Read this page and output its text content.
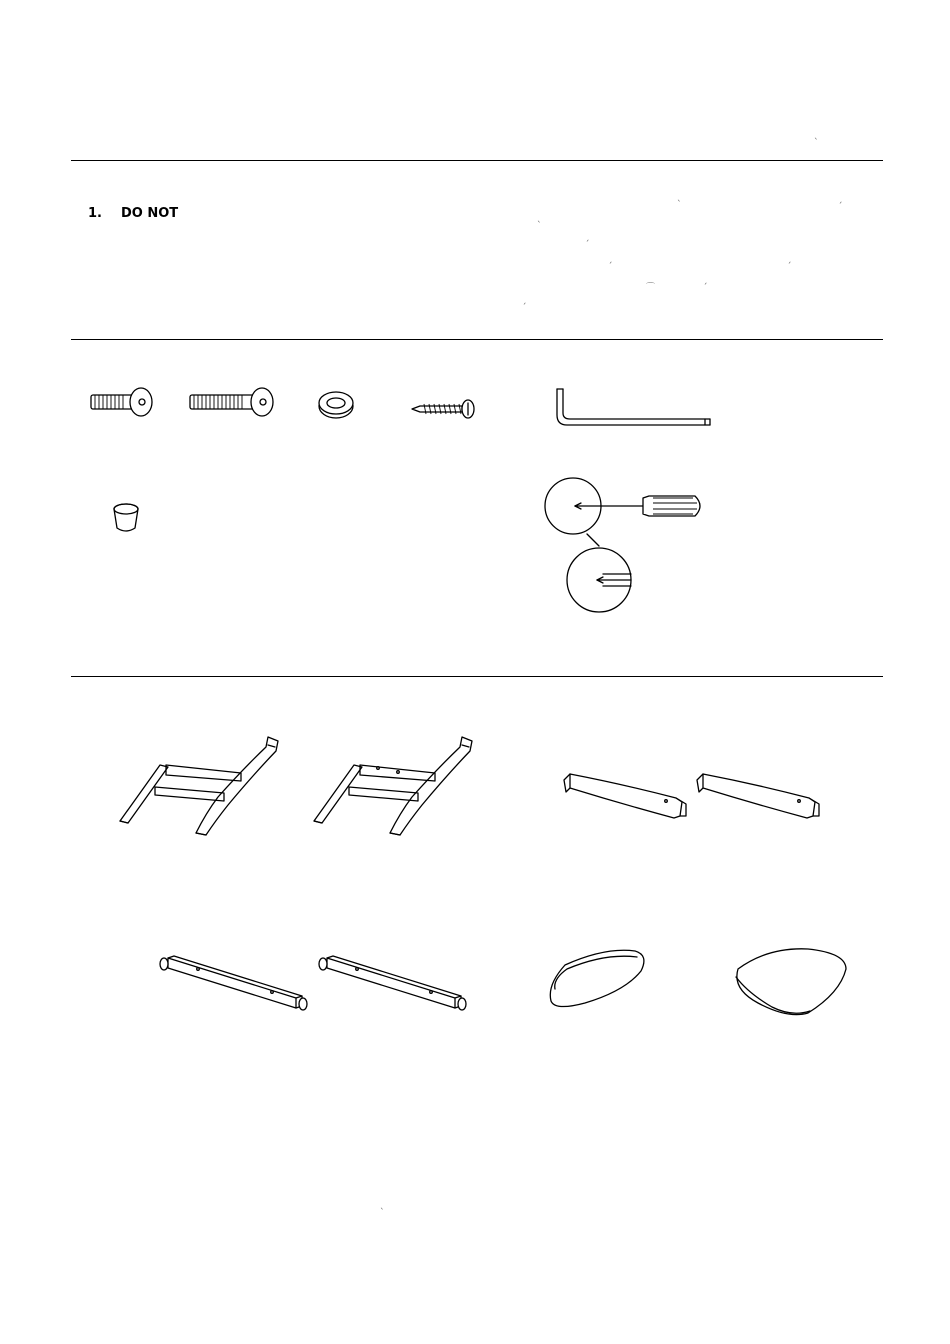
`
`	´
`
´
´	´
´
⌒	´
`
1. DO NOT
